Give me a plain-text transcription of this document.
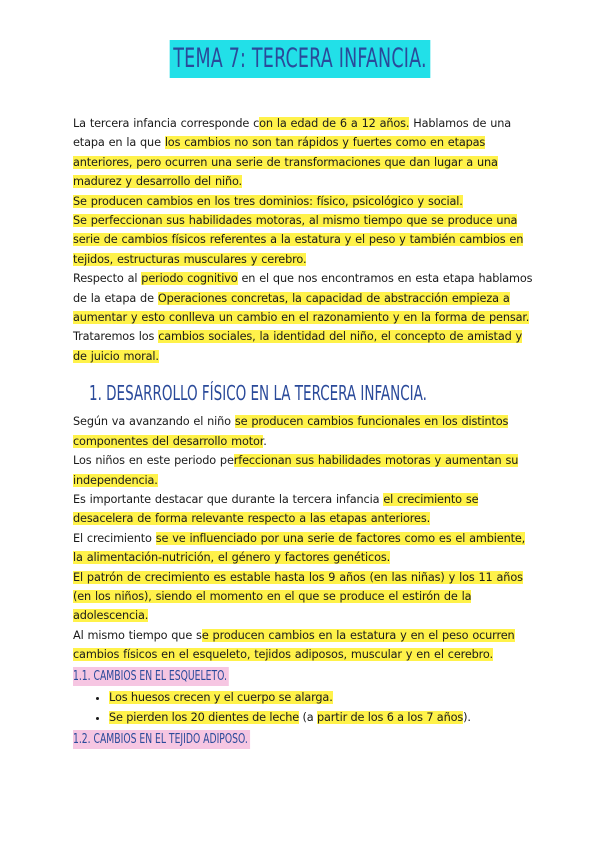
TEMA 7: TERCERA INFANCIA.

La tercera infancia corresponde con la edad de 6 a 12 años. Hablamos de una etapa en la que los cambios no son tan rápidos y fuertes como en etapas anteriores, pero ocurren una serie de transformaciones que dan lugar a una madurez y desarrollo del niño.

Se producen cambios en los tres dominios: físico, psicológico y social.

Se perfeccionan sus habilidades motoras, al mismo tiempo que se produce una serie de cambios físicos referentes a la estatura y el peso y también cambios en tejidos, estructuras musculares y cerebro.

Respecto al periodo cognitivo en el que nos encontramos en esta etapa hablamos de la etapa de Operaciones concretas, la capacidad de abstracción empieza a aumentar y esto conlleva un cambio en el razonamiento y en la forma de pensar.

Trataremos los cambios sociales, la identidad del niño, el concepto de amistad y de juicio moral.

1. DESARROLLO FÍSICO EN LA TERCERA INFANCIA.

Según va avanzando el niño se producen cambios funcionales en los distintos componentes del desarrollo motor.

Los niños en este periodo perfeccionan sus habilidades motoras y aumentan su independencia.

Es importante destacar que durante la tercera infancia el crecimiento se desacelera de forma relevante respecto a las etapas anteriores.

El crecimiento se ve influenciado por una serie de factores como es el ambiente, la alimentación-nutrición, el género y factores genéticos.

El patrón de crecimiento es estable hasta los 9 años (en las niñas) y los 11 años (en los niños), siendo el momento en el que se produce el estirón de la adolescencia.

Al mismo tiempo que se producen cambios en la estatura y en el peso ocurren cambios físicos en el esqueleto, tejidos adiposos, muscular y en el cerebro.

1.1. CAMBIOS EN EL ESQUELETO.
• Los huesos crecen y el cuerpo se alarga.
• Se pierden los 20 dientes de leche (a partir de los 6 a los 7 años).
1.2. CAMBIOS EN EL TEJIDO ADIPOSO.
